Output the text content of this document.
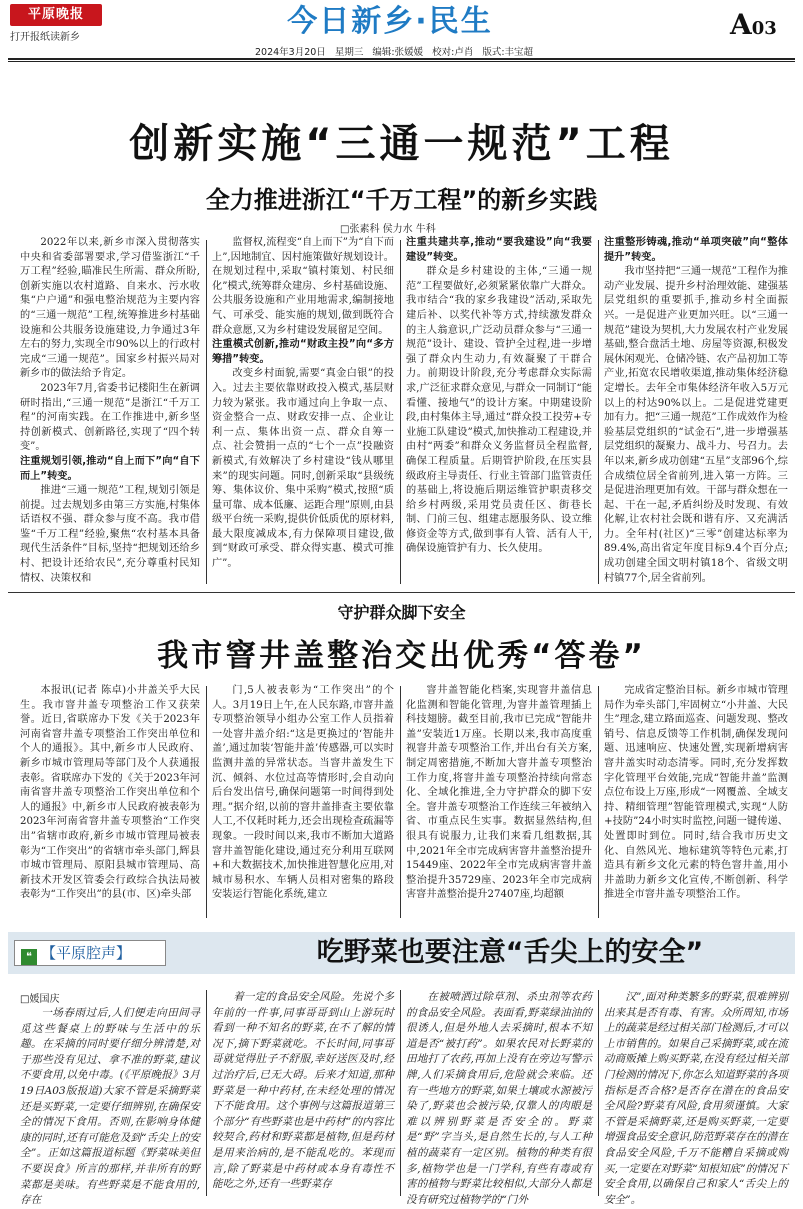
平原晚报
打开报纸读新乡	今日新乡·民生	A03
2024年3月20日 星期三 编辑:张媛媛 校对:卢肖 版式:丰宝超
创新实施“三通一规范”工程
全力推进浙江“千万工程”的新乡实践
□张素科 侯力水 牛科

2022年以来,新乡市深入贯彻落实中央和省委部署要求,学习借鉴浙江“千万工程”经验,瞄准民生所需、群众所盼,创新实施以农村道路、自来水、污水收集“户户通”和强电整治规范为主要内容的“三通一规范”工程,统筹推进乡村基础设施和公共服务设施建设,力争通过3年左右的努力,实现全市90%以上的行政村完成“三通一规范”。国家乡村振兴局对新乡市的做法给予肯定。

2023年7月,省委书记楼阳生在新调研时指出,“三通一规范”是浙江“千万工程”的河南实践。在工作推进中,新乡坚持创新模式、创新路径,实现了“四个转变”。

注重规划引领,推动“自上而下”向“自下而上”转变。

推进“三通一规范”工程,规划引领是前提。过去规划多由第三方实施,村集体话语权不强、群众参与度不高。我市借鉴“千万工程”经验,聚焦“农村基本具备现代生活条件”目标,坚持“把规划还给乡村、把设计还给农民”,充分尊重村民知情权、决策权和

监督权,流程变“自上而下”为“自下而上”,因地制宜、因村施策做好规划设计。在规划过程中,采取“镇村策划、村民细化”模式,统筹群众建房、乡村基础设施、公共服务设施和产业用地需求,编制接地气、可承受、能实施的规划,做到既符合群众意愿,又为乡村建设发展留足空间。

注重模式创新,推动“财政主投”向“多方筹措”转变。

改变乡村面貌,需要“真金白银”的投入。过去主要依靠财政投入模式,基层财力较为紧张。我市通过向上争取一点、资金整合一点、财政安排一点、企业让利一点、集体出资一点、群众自筹一点、社会赞捐一点的“七个一点”投融资新模式,有效解决了乡村建设“钱从哪里来”的现实问题。同时,创新采取“县级统筹、集体议价、集中采购”模式,按照“质量可靠、成本低廉、运距合理”原则,由县级平台统一采购,提供价低质优的原材料,最大限度减成本,有力保障项目建设,做到“财政可承受、群众得实惠、模式可推广”。

注重共建共享,推动“要我建设”向“我要建设”转变。

群众是乡村建设的主体,“三通一规范”工程要做好,必须紧紧依靠广大群众。我市结合“我的家乡我建设”活动,采取先建后补、以奖代补等方式,持续激发群众的主人翁意识,广泛动员群众参与“三通一规范”设计、建设、管护全过程,进一步增强了群众内生动力,有效凝聚了干群合力。前期设计阶段,充分考虑群众实际需求,广泛征求群众意见,与群众一同制订“能看懂、接地气”的设计方案。中期建设阶段,由村集体主导,通过“群众投工投劳+专业施工队建设”模式,加快推动工程建设,并由村“两委”和群众义务监督员全程监督,确保工程质量。后期管护阶段,在压实县级政府主导责任、行业主管部门监管责任的基础上,将设施后期运维管护职责移交给乡村两级,采用党员责任区、街巷长制、门前三包、组建志愿服务队、设立维修资金等方式,做到事有人管、活有人干,确保设施管护有力、长久使用。

注重整形铸魂,推动“单项突破”向“整体提升”转变。

我市坚持把“三通一规范”工程作为推动产业发展、提升乡村治理效能、建强基层党组织的重要抓手,推动乡村全面振兴。一是促进产业更加兴旺。以“三通一规范”建设为契机,大力发展农村产业发展基础,整合盘活土地、房屋等资源,积极发展休闲观光、仓储冷链、农产品初加工等产业,拓宽农民增收渠道,推动集体经济稳定增长。去年全市集体经济年收入5万元以上的村达90%以上。二是促进党建更加有力。把“三通一规范”工作成效作为检验基层党组织的“试金石”,进一步增强基层党组织的凝聚力、战斗力、号召力。去年以来,新乡成功创建“五星”支部96个,综合成绩位居全省前列,进入第一方阵。三是促进治理更加有效。干部与群众想在一起、干在一起,矛盾纠纷及时发现、有效化解,让农村社会既和谐有序、又充满活力。全年村(社区)“三零”创建达标率为89.4%,高出省定年度目标9.4个百分点;成功创建全国文明村镇18个、省级文明村镇77个,居全省前列。

守护群众脚下安全
我市窨井盖整治交出优秀“答卷”

本报讯(记者 陈卓)小井盖关乎大民生。我市窨井盖专项整治工作又获荣誉。近日,省联席办下发《关于2023年河南省窨井盖专项整治工作突出单位和个人的通报》。其中,新乡市人民政府、新乡市城市管理局等部门及个人获通报表彰。省联席办下发的《关于2023年河南省窨井盖专项整治工作突出单位和个人的通报》中,新乡市人民政府被表彰为2023年河南省窨井盖专项整治“工作突出”省辖市政府,新乡市城市管理局被表彰为“工作突出”的省辖市牵头部门,辉县市城市管理局、原阳县城市管理局、高新技术开发区管委会行政综合执法局被表彰为“工作突出”的县(市、区)牵头部

门,5人被表彰为“工作突出”的个人。3月19日上午,在人民东路,市窨井盖专项整治领导小组办公室工作人员指着一处窨井盖介绍:“这是更换过的‘智能井盖’,通过加装‘智能井盖’传感器,可以实时监测井盖的异常状态。当窨井盖发生下沉、倾斜、水位过高等情形时,会自动向后台发出信号,确保问题第一时间得到处理。”据介绍,以前的窨井盖排查主要依靠人工,不仅耗时耗力,还会出现检查疏漏等现象。一段时间以来,我市不断加大道路窨井盖智能化建设,通过充分利用互联网+和大数据技术,加快推进智慧化应用,对城市易积水、车辆人员相对密集的路段安装运行智能化系统,建立

窨井盖智能化档案,实现窨井盖信息化监测和智能化管理,为窨井盖管理插上科技翅膀。截至目前,我市已完成“智能井盖”安装近1万座。长期以来,我市高度重视窨井盖专项整治工作,并出台有关方案,制定周密措施,不断加大窨井盖专项整治工作力度,将窨井盖专项整治持续向常态化、全域化推进,全力守护群众的脚下安全。窨井盖专项整治工作连续三年被纳入省、市重点民生实事。数据显然结构,但很具有说服力,让我们来看几组数据,其中,2021年全市完成病害窨井盖整治提升15449座、2022年全市完成病害窨井盖整治提升35729座、2023年全市完成病害窨井盖整治提升27407座,均超额

完成省定整治目标。新乡市城市管理局作为牵头部门,牢固树立“小井盖、大民生”理念,建立路面巡查、问题发现、整改销号、信息反馈等工作机制,确保发现问题、迅速响应、快速处置,实现新增病害窨井盖实时动态清零。同时,充分发挥数字化管理平台效能,完成“智能井盖”监测点位布设上万座,形成“一网覆盖、全域支持、精细管理”智能管理模式,实现“人防+技防”24小时实时监控,问题一键传递、处置即时到位。同时,结合我市历史文化、自然风光、地标建筑等特色元素,打造具有新乡文化元素的特色窨井盖,用小井盖助力新乡文化宣传,不断创新、科学推进全市窨井盖专项整治工作。

❝ 【平原腔声】	吃野菜也要注意“舌尖上的安全”
□媛国庆

一场春雨过后,人们便走向田间寻觅这些餐桌上的野味与生活中的乐趣。在采摘的同时要仔细分辨清楚,对于那些没有见过、拿不准的野菜,建议不要食用,以免中毒。(《平原晚报》3月19日A03版报道)大家不管是采摘野菜还是买野菜,一定要仔细辨别,在确保安全的情况下食用。否则,在影响身体健康的同时,还有可能危及到“舌尖上的安全”。正如这篇报道标题《野菜味美但不要误食》所言的那样,并非所有的野菜都是美味。有些野菜是不能食用的,存在

着一定的食品安全风险。先说个多年前的一件事,同事哥哥到山上游玩时看到一种不知名的野菜,在不了解的情况下,摘下野菜就吃。不长时间,同事哥哥就觉得肚子不舒服,幸好送医及时,经过治疗后,已无大碍。后来才知道,那种野菜是一种中药材,在未经处理的情况下不能食用。这个事例与这篇报道第三个部分“有些野菜也是中药材”的内容比较契合,药材和野菜都是植物,但是药材是用来治病的,是不能乱吃的。苯现而言,除了野菜是中药材或本身有毒性不能吃之外,还有一些野菜存

在被喷洒过除草剂、杀虫剂等农药的食品安全风险。表面看,野菜绿油油的很诱人,但是外地人去采摘时,根本不知道是否“被打药”。如果农民对长野菜的田地打了农药,再加上没有在旁边写警示牌,人们采摘食用后,危险就会来临。还有一些地方的野菜,如果土壤或水源被污染了,野菜也会被污染,仅靠人的肉眼是难以辨别野菜是否安全的。野菜是“野”字当头,是自然生长的,与人工种植的蔬菜有一定区别。植物的种类有很多,植物学也是一门学科,有些有毒或有害的植物与野菜比较相似,大部分人都是没有研究过植物学的“门外

汉”,面对种类繁多的野菜,很难辨别出来其是否有毒、有害。众所周知,市场上的蔬菜是经过相关部门检测后,才可以上市销售的。如果自己采摘野菜,或在流动商贩摊上购买野菜,在没有经过相关部门检测的情况下,你怎么知道野菜的各项指标是否合格?是否存在潜在的食品安全风险?野菜有风险,食用须谨慎。大家不管是采摘野菜,还是购买野菜,一定要增强食品安全意识,防范野菜存在的潜在食品安全风险,千万不能糟自采摘或购买,一定要在对野菜“知根知底”的情况下安全食用,以确保自己和家人“舌尖上的安全”。
